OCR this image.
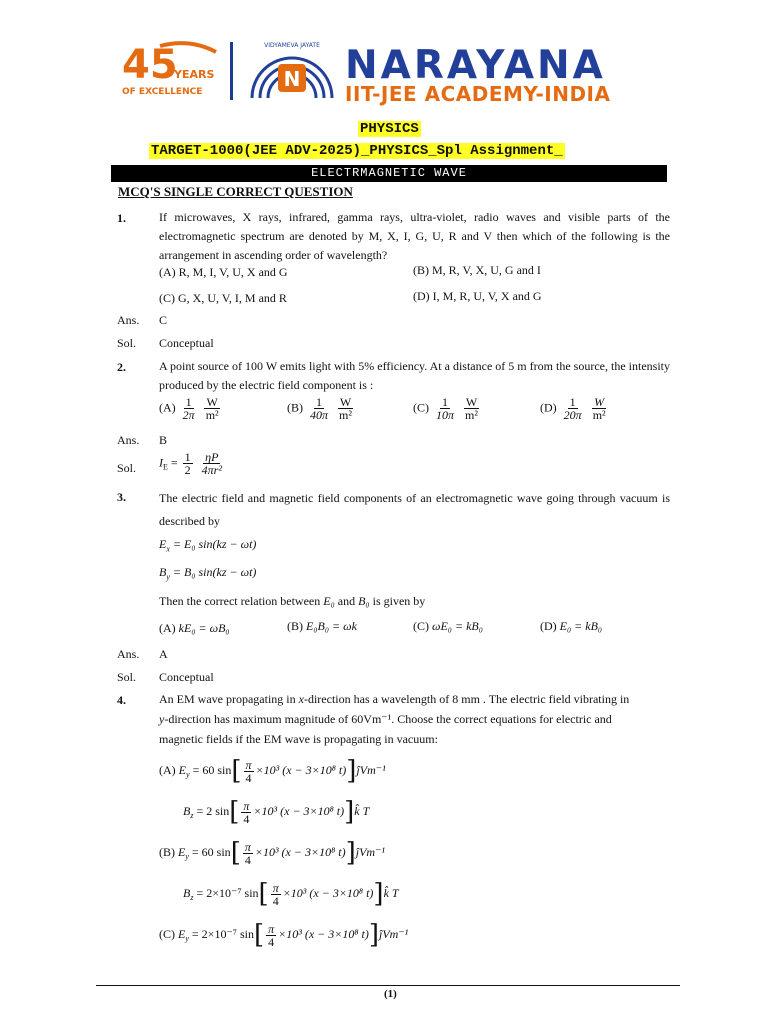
45
YEARS
OF EXCELLENCE
N
VIDYAMEVA JAYATE NARAYANA
IIT-JEE ACADEMY-INDIA
PHYSICS
TARGET-1000(JEE ADV-2025)_PHYSICS_Spl Assignment_
ELECTRMAGNETIC WAVE
MCQ'S SINGLE CORRECT QUESTION
1.	If microwaves, X rays, infrared, gamma rays, ultra-violet, radio waves and visible parts of the electromagnetic spectrum are denoted by M, X, I, G, U, R and V then which of the following is the arrangement in ascending order of wavelength?
(A) R, M, I, V, U, X and G	(B) M, R, V, X, U, G and I
(C) G, X, U, V, I, M and R	(D) I, M, R, U, V, X and G
Ans. C
Sol. Conceptual
2.	A point source of 100 W emits light with 5% efficiency. At a distance of 5 m from the source, the intensity produced by the electric field component is :
$(A) \frac{1}{2\pi}$
$\frac{W}{\text{m²}}$	$(B) \frac{1}{40\pi}$
$\frac{W}{\text{m²}}$	$(C) \frac{1}{10\pi}$
$\frac{W}{\text{m²}}$	$(D) \frac{1}{20\pi}$
$\frac{W}{\text{m²}}$
Ans. B
Sol. $I_E = \frac{1}{2}$
$\frac{\eta P}{\text{4πr²}}$
3.	The electric field and magnetic field components of an electromagnetic wave going through vacuum is described by
$E_x = E_0$ sin(kz − ωt)
$B_y = B_0$ sin(kz − ωt)
Then the correct relation between E₀ and B₀ is given by
(A) kE₀ = ωB₀	(B) E₀B₀ = ωk	(C) ωE₀ = kB₀	(D) E₀ = kB₀
Ans. A
Sol. Conceptual
4.	An EM wave propagating in x-direction has a wavelength of 8 mm . The electric field vibrating in
y-direction has maximum magnitude of 60Vm⁻¹. Choose the correct equations for electric and
magnetic fields if the EM wave is propagating in vacuum:
(A) $E_y = 60$ $\sin[ \frac{\pi}{4} \times 10^3$ (x − 3×10⁸ t)]ĵVm⁻¹
$B_z = 2$ $\sin[ \frac{\pi}{4} \times 10^3$ (x − 3×10⁸ t)]k̂ T
(B) $E_y = 60$ $\sin[ \frac{\pi}{4} \times 10^3$ (x − 3×10⁸ t)]ĵVm⁻¹
$B_z = 2\times 10^{-7}$ $\sin[ \frac{\pi}{4} \times 10^3$ (x − 3×10⁸ t)]k̂ T
(C) $E_y = 2\times 10^{-7}$ $\sin[ \frac{\pi}{4} \times 10^3$ (x − 3×10⁸ t)]ĵVm⁻¹
(1)
